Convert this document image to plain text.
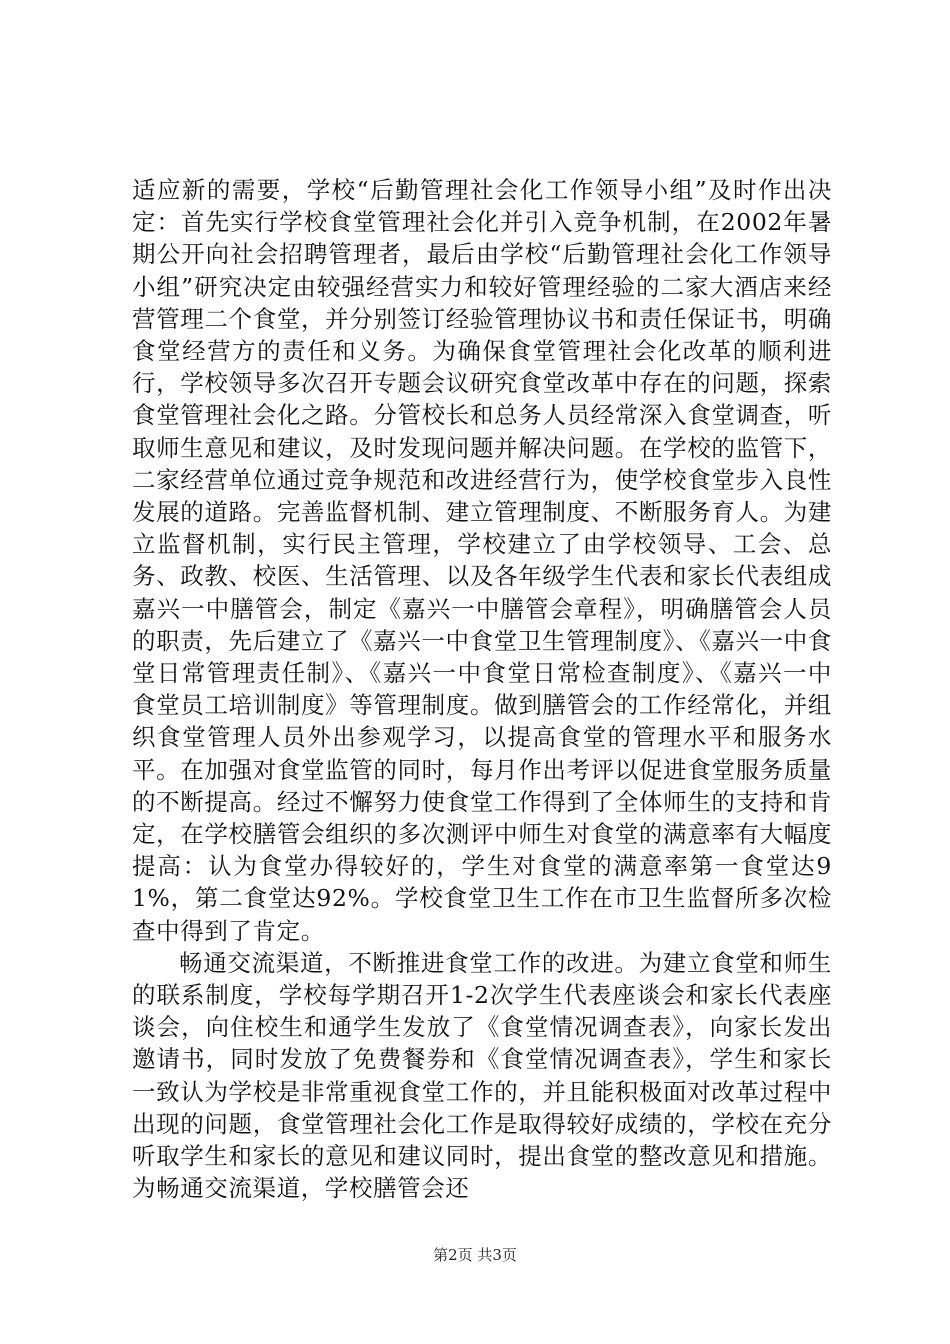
适应新的需要，学校“后勤管理社会化工作领导小组”及时作出决定：首先实行学校食堂管理社会化并引入竞争机制，在2002年暑期公开向社会招聘管理者，最后由学校“后勤管理社会化工作领导小组”研究决定由较强经营实力和较好管理经验的二家大酒店来经营管理二个食堂，并分别签订经验管理协议书和责任保证书，明确食堂经营方的责任和义务。为确保食堂管理社会化改革的顺利进行，学校领导多次召开专题会议研究食堂改革中存在的问题，探索食堂管理社会化之路。分管校长和总务人员经常深入食堂调查，听取师生意见和建议，及时发现问题并解决问题。在学校的监管下，二家经营单位通过竞争规范和改进经营行为，使学校食堂步入良性发展的道路。完善监督机制、建立管理制度、不断服务育人。为建立监督机制，实行民主管理，学校建立了由学校领导、工会、总务、政教、校医、生活管理、以及各年级学生代表和家长代表组成嘉兴一中膳管会，制定《嘉兴一中膳管会章程》，明确膳管会人员的职责，先后建立了《嘉兴一中食堂卫生管理制度》、《嘉兴一中食堂日常管理责任制》、《嘉兴一中食堂日常检查制度》、《嘉兴一中食堂员工培训制度》等管理制度。做到膳管会的工作经常化，并组织食堂管理人员外出参观学习，以提高食堂的管理水平和服务水平。在加强对食堂监管的同时，每月作出考评以促进食堂服务质量的不断提高。经过不懈努力使食堂工作得到了全体师生的支持和肯定，在学校膳管会组织的多次测评中师生对食堂的满意率有大幅度提高：认为食堂办得较好的，学生对食堂的满意率第一食堂达91%，第二食堂达92%。学校食堂卫生工作在市卫生监督所多次检查中得到了肯定。

畅通交流渠道，不断推进食堂工作的改进。为建立食堂和师生的联系制度，学校每学期召开1-2次学生代表座谈会和家长代表座谈会，向住校生和通学生发放了《食堂情况调查表》，向家长发出邀请书，同时发放了免费餐券和《食堂情况调查表》，学生和家长一致认为学校是非常重视食堂工作的，并且能积极面对改革过程中出现的问题，食堂管理社会化工作是取得较好成绩的，学校在充分听取学生和家长的意见和建议同时，提出食堂的整改意见和措施。为畅通交流渠道，学校膳管会还

第2页 共3页
